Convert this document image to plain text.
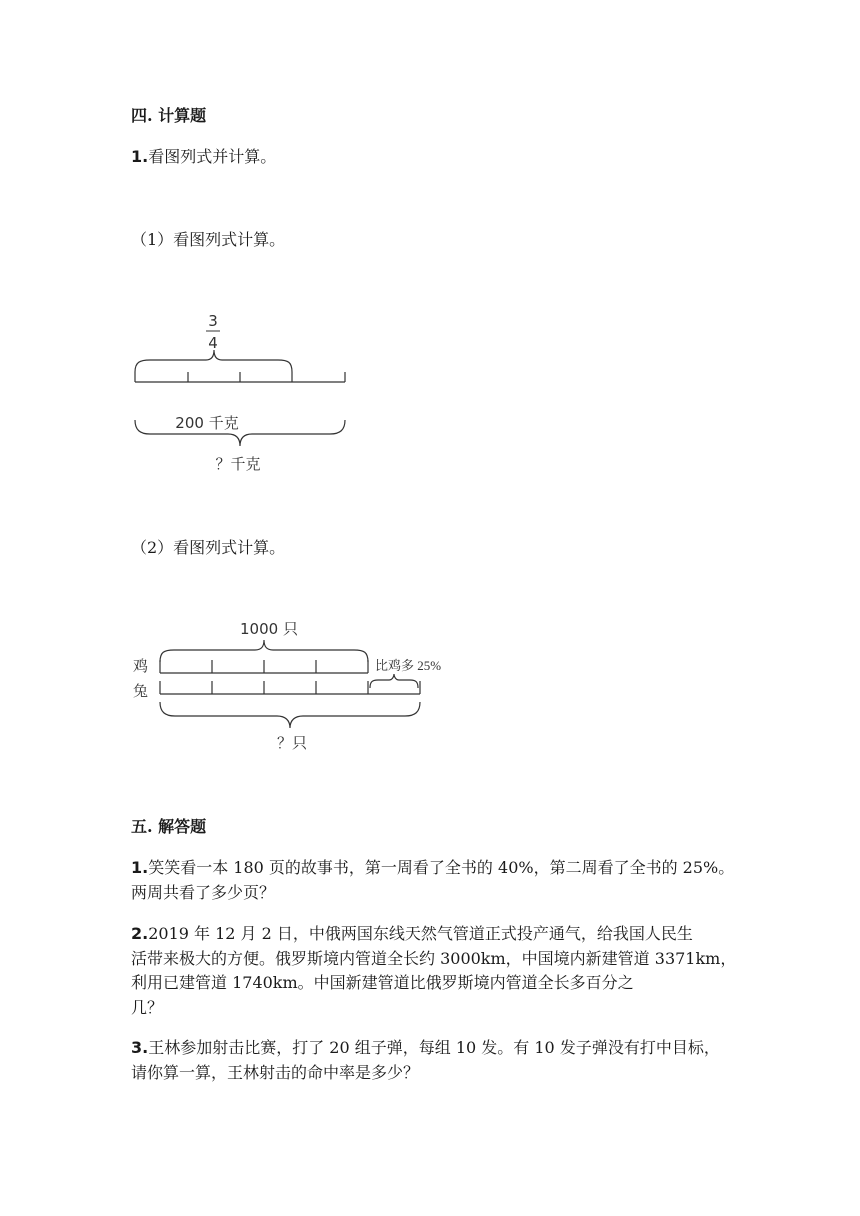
四. 计算题
1.看图列式并计算。
（1）看图列式计算。
3
4
200 千克
？千克
（2）看图列式计算。
1000 只
鸡
兔
比鸡多 25%
？只
五. 解答题
1.笑笑看一本 180 页的故事书，第一周看了全书的 40%，第二周看了全书的 25%。
两周共看了多少页？
2.2019 年 12 月 2 日，中俄两国东线天然气管道正式投产通气，给我国人民生
活带来极大的方便。俄罗斯境内管道全长约 3000km，中国境内新建管道 3371km，
利用已建管道 1740km。中国新建管道比俄罗斯境内管道全长多百分之
几？
3.王林参加射击比赛，打了 20 组子弹，每组 10 发。有 10 发子弹没有打中目标，
请你算一算，王林射击的命中率是多少？
